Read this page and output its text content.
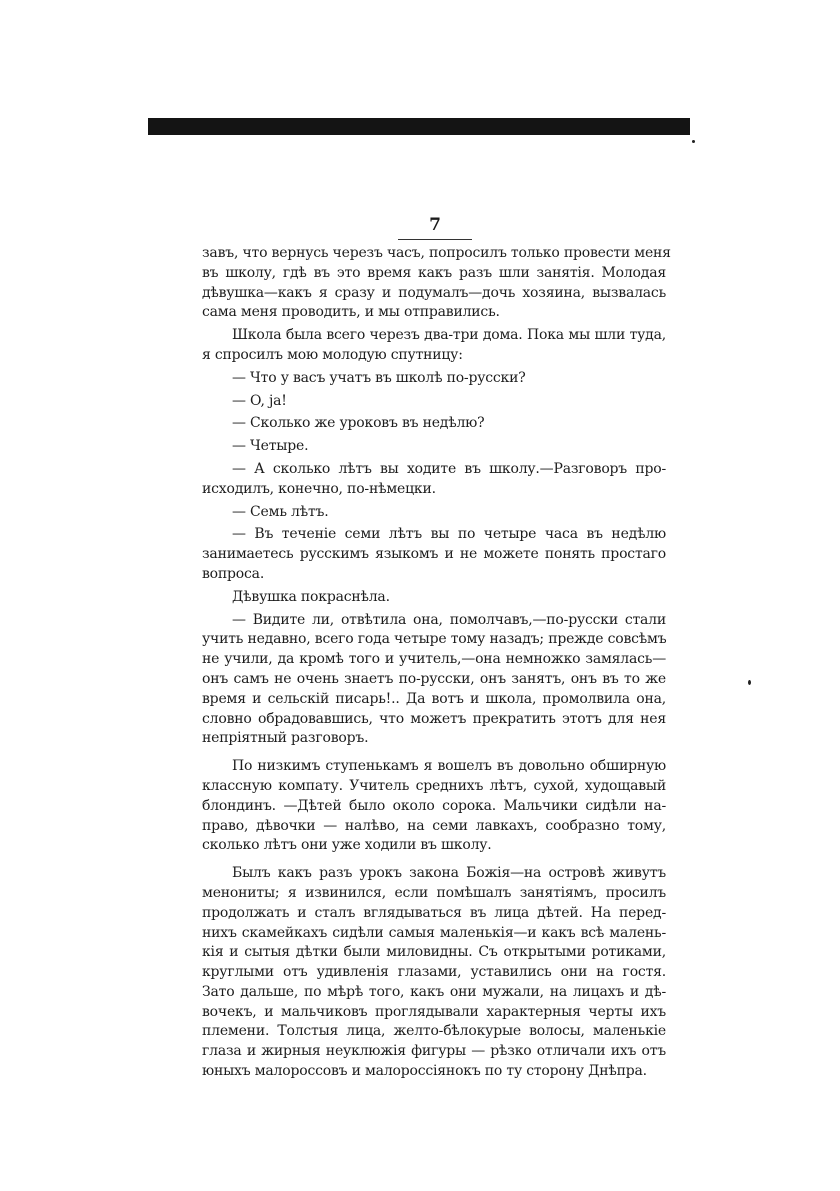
7

завъ, что вернусь черезъ часъ, попросилъ только провести меня
въ школу, гдѣ въ это время какъ разъ шли занятія. Молодая
дѣвушка—какъ я сразу и подумалъ—дочь хозяина, вызвалась
сама меня проводить, и мы отправились.

Школа была всего черезъ два-три дома. Пока мы шли туда,
я спросилъ мою молодую спутницу:

— Что у васъ учатъ въ школѣ по-русски?

— O, ja!

— Сколько же уроковъ въ недѣлю?

— Четыре.

— А сколько лѣтъ вы ходите въ школу.—Разговоръ про-
исходилъ, конечно, по-нѣмецки.

— Семь лѣтъ.

— Въ теченіе семи лѣтъ вы по четыре часа въ недѣлю
занимаетесь русскимъ языкомъ и не можете понять простаго
вопроса.

Дѣвушка покраснѣла.

— Видите ли, отвѣтила она, помолчавъ,—по-русски стали
учить недавно, всего года четыре тому назадъ; прежде совсѣмъ
не учили, да кромѣ того и учитель,—она немножко замялась—
онъ самъ не очень знаетъ по-русски, онъ занятъ, онъ въ то же
время и сельскій писарь!.. Да вотъ и школа, промолвила она,
словно обрадовавшись, что можетъ прекратить этотъ для нея
непріятный разговоръ.

По низкимъ ступенькамъ я вошелъ въ довольно обширную
классную компату. Учитель среднихъ лѣтъ, сухой, худощавый
блондинъ. —Дѣтей было около сорока. Мальчики сидѣли на-
право, дѣвочки — налѣво, на семи лавкахъ, сообразно тому,
сколько лѣтъ они уже ходили въ школу.

Былъ какъ разъ урокъ закона Божія—на островѣ живутъ
менониты; я извинился, если помѣшалъ занятіямъ, просилъ
продолжать и сталъ вглядываться въ лица дѣтей. На перед-
нихъ скамейкахъ сидѣли самыя маленькія—и какъ всѣ малень-
кія и сытыя дѣтки были миловидны. Съ открытыми ротиками,
круглыми отъ удивленія глазами, уставились они на гостя.
Зато дальше, по мѣрѣ того, какъ они мужали, на лицахъ и дѣ-
вочекъ, и мальчиковъ проглядывали характерныя черты ихъ
племени. Толстыя лица, желто-бѣлокурые волосы, маленькіе
глаза и жирныя неуклюжія фигуры — рѣзко отличали ихъ отъ
юныхъ малороссовъ и малороссіянокъ по ту сторону Днѣпра.
